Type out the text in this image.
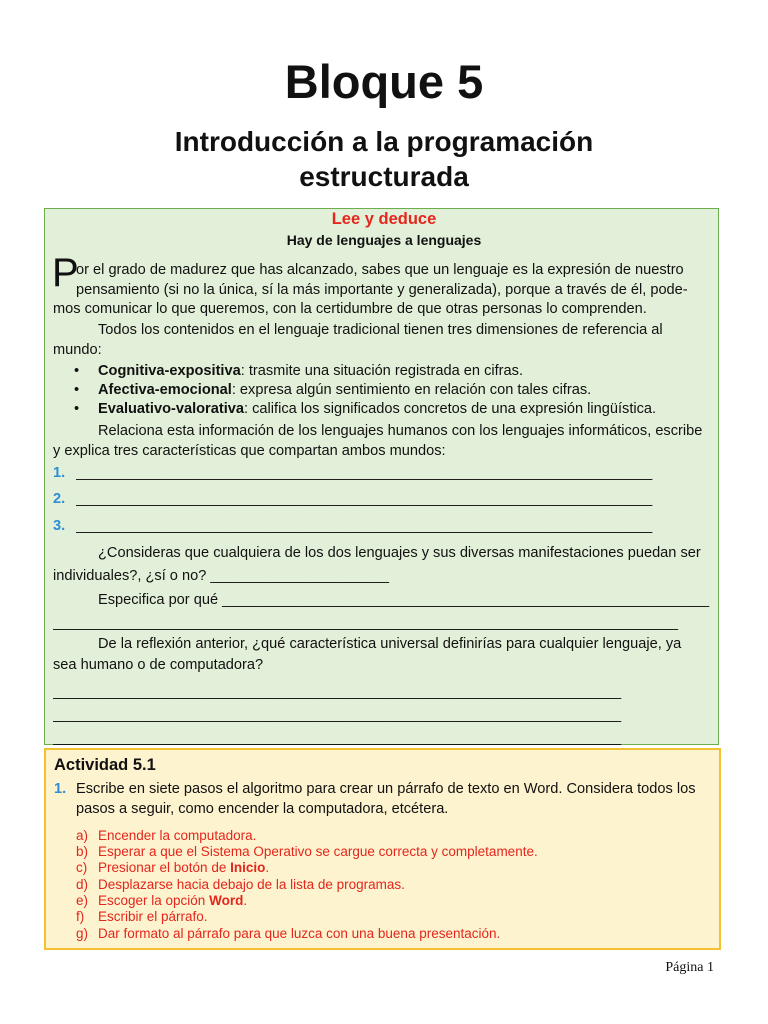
Bloque 5
Introducción a la programación
estructurada
Lee y deduce
Hay de lenguajes a lenguajes
P
or el grado de madurez que has alcanzado, sabes que un lenguaje es la expresión de nuestro
pensamiento (si no la única, sí la más importante y generalizada), porque a través de él, pode-
mos comunicar lo que queremos, con la certidumbre de que otras personas lo comprenden.
Todos los contenidos en el lenguaje tradicional tienen tres dimensiones de referencia al
mundo:
• Cognitiva-expositiva: trasmite una situación registrada en cifras.
• Afectiva-emocional: expresa algún sentimiento en relación con tales cifras.
• Evaluativo-valorativa: califica los significados concretos de una expresión lingüística.
Relaciona esta información de los lenguajes humanos con los lenguajes informáticos, escribe
y explica tres características que compartan ambos mundos:
1. _______________________________________________________________________
2. _______________________________________________________________________
3. _______________________________________________________________________
¿Consideras que cualquiera de los dos lenguajes y sus diversas manifestaciones puedan ser
individuales?, ¿sí o no? ______________________
Especifica por qué ____________________________________________________________
_____________________________________________________________________________
De la reflexión anterior, ¿qué característica universal definirías para cualquier lenguaje, ya
sea humano o de computadora?
______________________________________________________________________
______________________________________________________________________
______________________________________________________________________
Actividad 5.1
1. Escribe en siete pasos el algoritmo para crear un párrafo de texto en Word. Considera todos los
pasos a seguir, como encender la computadora, etcétera.
a) Encender la computadora.
b) Esperar a que el Sistema Operativo se cargue correcta y completamente.
c) Presionar el botón de Inicio.
d) Desplazarse hacia debajo de la lista de programas.
e) Escoger la opción Word.
f) Escribir el párrafo.
g) Dar formato al párrafo para que luzca con una buena presentación.
Página 1
